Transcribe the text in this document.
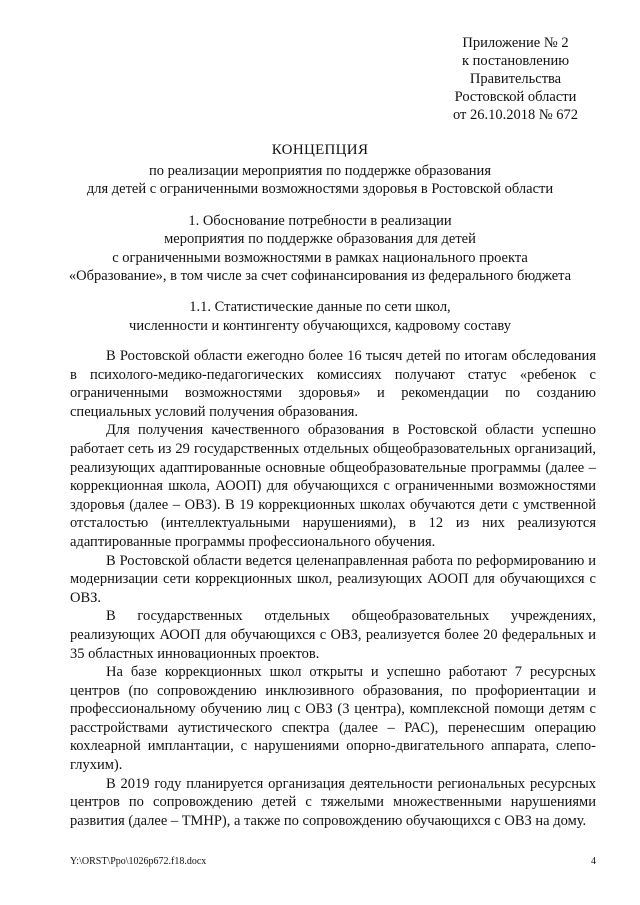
Приложение № 2
к постановлению
Правительства
Ростовской области
от 26.10.2018 № 672
КОНЦЕПЦИЯ
по реализации мероприятия по поддержке образования
для детей с ограниченными возможностями здоровья в Ростовской области
1. Обоснование потребности в реализации
мероприятия по поддержке образования для детей
с ограниченными возможностями в рамках национального проекта
«Образование», в том числе за счет софинансирования из федерального бюджета
1.1. Статистические данные по сети школ,
численности и контингенту обучающихся, кадровому составу

В Ростовской области ежегодно более 16 тысяч детей по итогам обследования в психолого-медико-педагогических комиссиях получают статус «ребенок с ограниченными возможностями здоровья» и рекомендации по созданию специальных условий получения образования.

Для получения качественного образования в Ростовской области успешно работает сеть из 29 государственных отдельных общеобразовательных организаций, реализующих адаптированные основные общеобразовательные программы (далее – коррекционная школа, АООП) для обучающихся с ограниченными возможностями здоровья (далее – ОВЗ). В 19 коррекционных школах обучаются дети с умственной отсталостью (интеллектуальными нарушениями), в 12 из них реализуются адаптированные программы профессионального обучения.

В Ростовской области ведется целенаправленная работа по реформированию и модернизации сети коррекционных школ, реализующих АООП для обучающихся с ОВЗ.

В государственных отдельных общеобразовательных учреждениях, реализующих АООП для обучающихся с ОВЗ, реализуется более 20 федеральных и 35 областных инновационных проектов.

На базе коррекционных школ открыты и успешно работают 7 ресурсных центров (по сопровождению инклюзивного образования, по профориентации и профессиональному обучению лиц с ОВЗ (3 центра), комплексной помощи детям с расстройствами аутистического спектра (далее – РАС), перенесшим операцию кохлеарной имплантации, с нарушениями опорно-двигательного аппарата, слепо-глухим).

В 2019 году планируется организация деятельности региональных ресурсных центров по сопровождению детей с тяжелыми множественными нарушениями развития (далее – ТМНР), а также по сопровождению обучающихся с ОВЗ на дому.

Y:\ORST\Ppo\1026p672.f18.docx	4
